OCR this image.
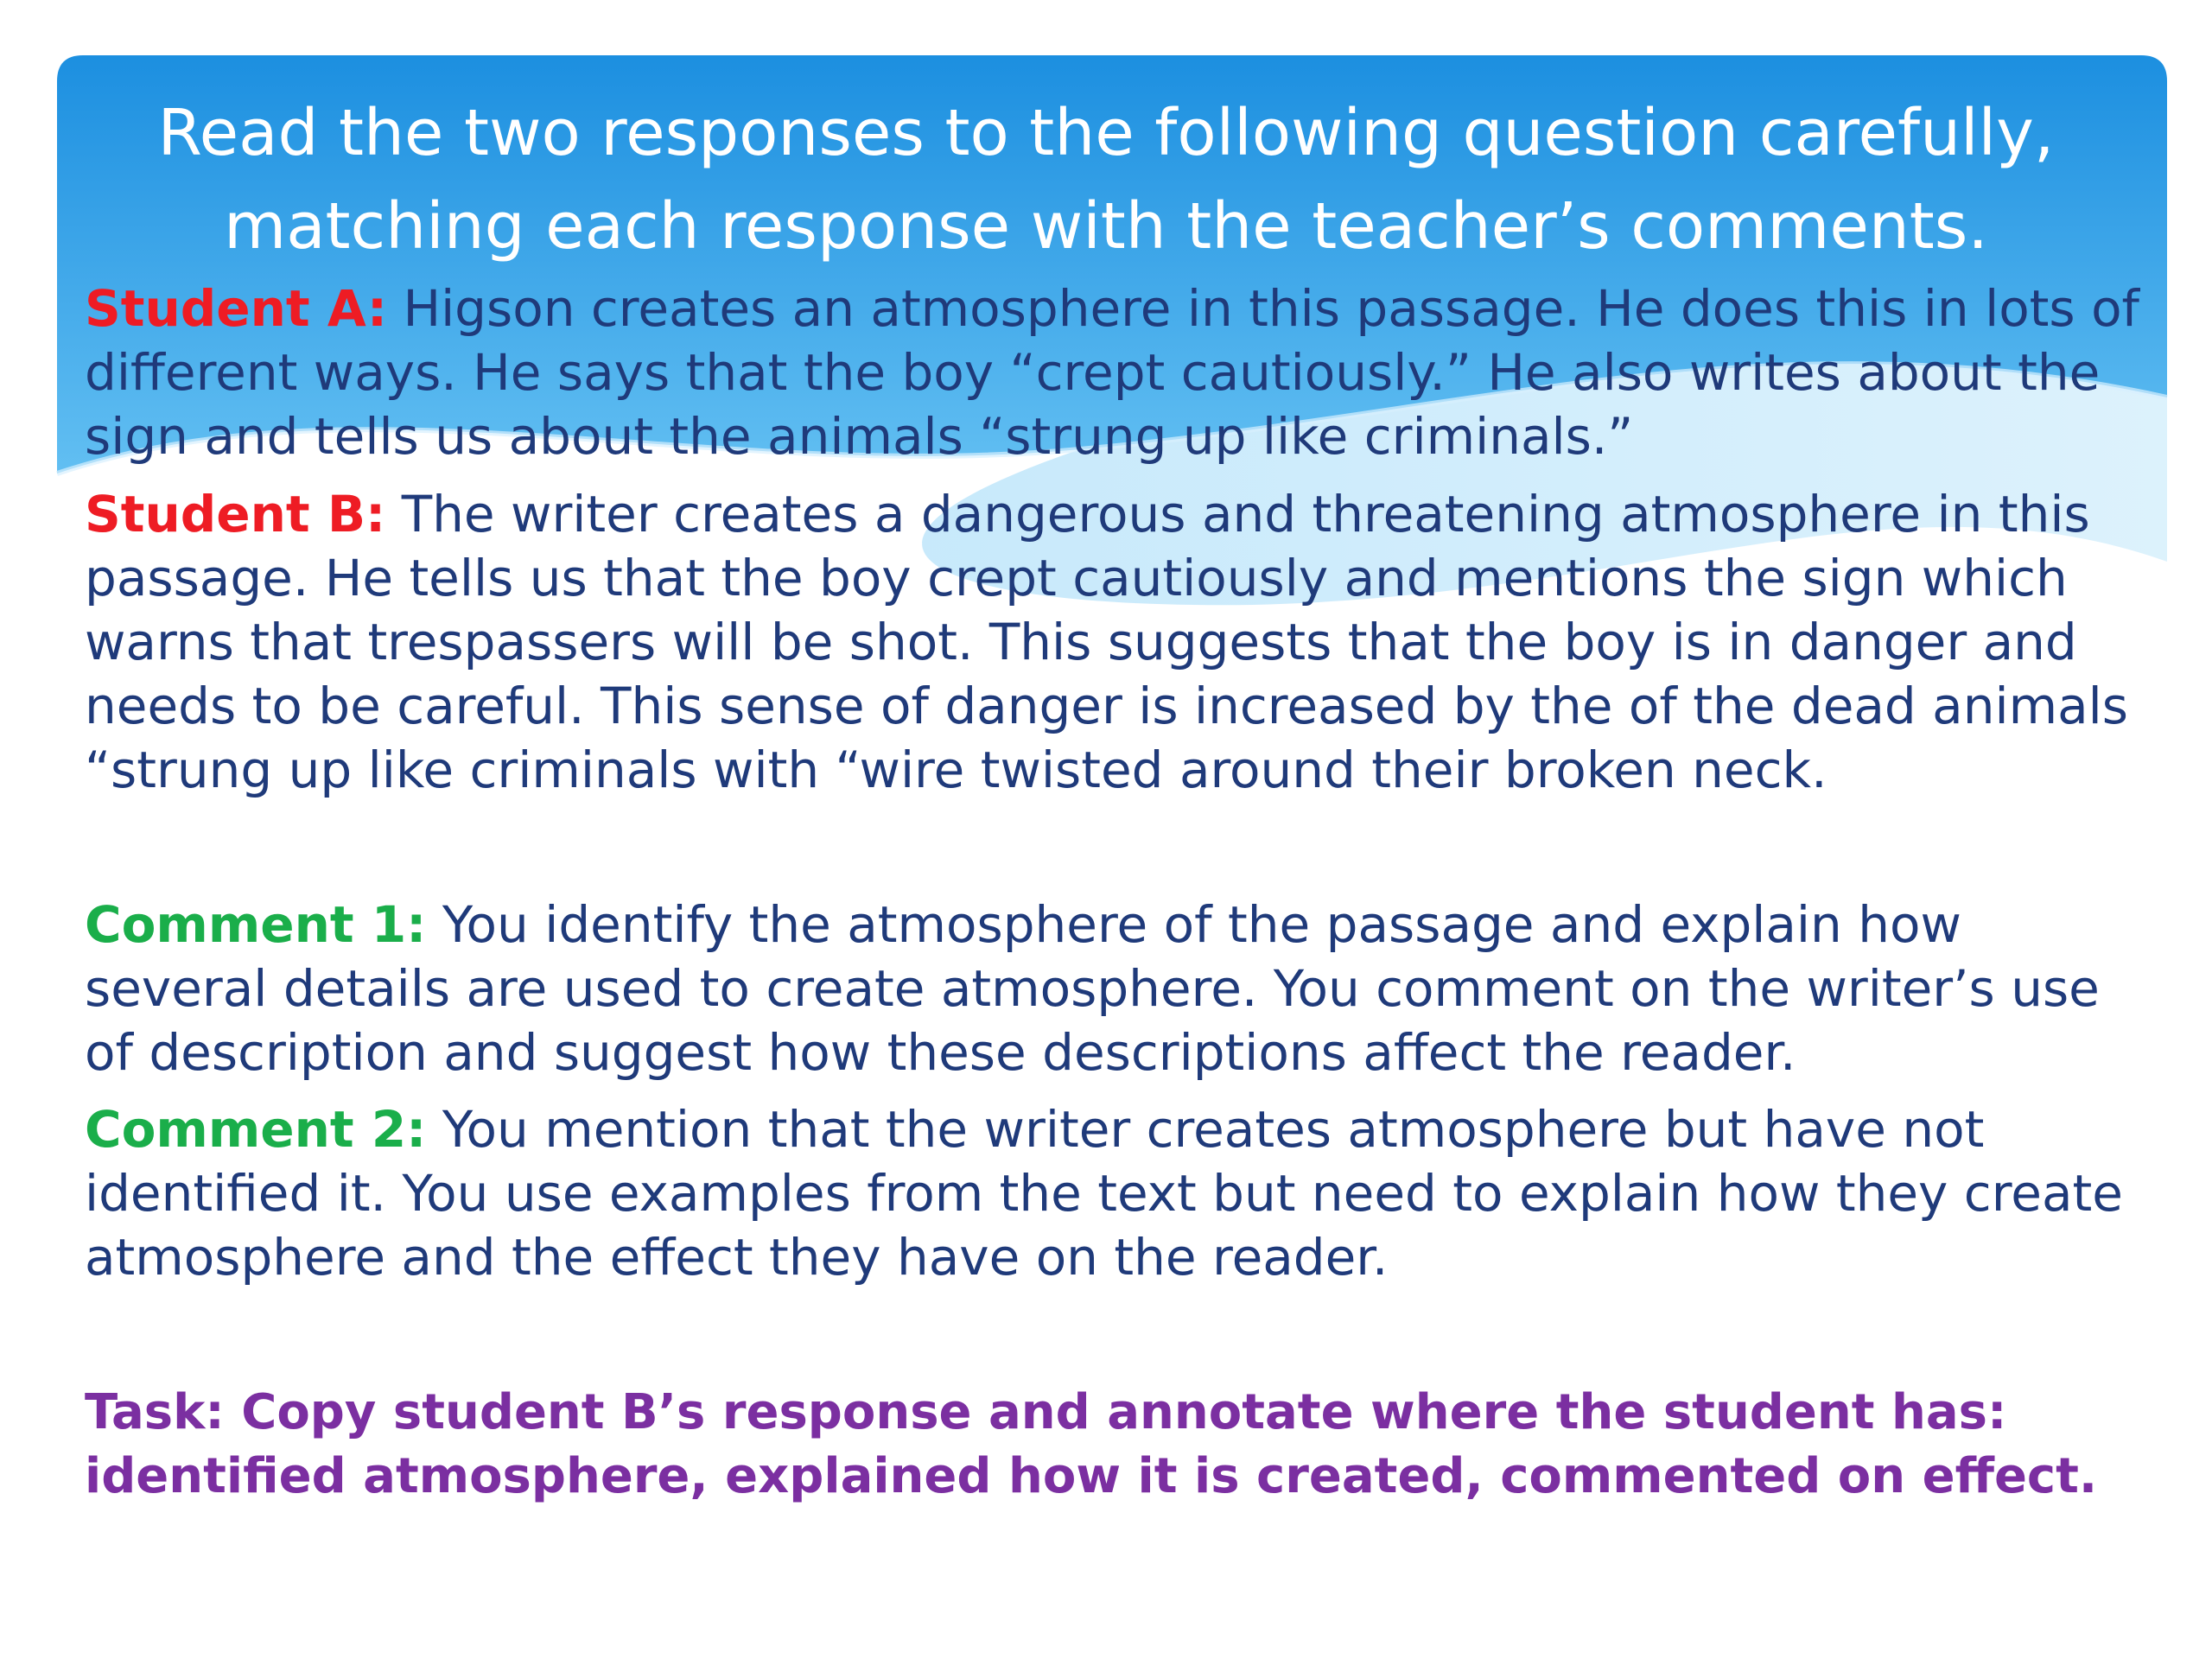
Read the two responses to the following question carefully, matching each response with the teacher’s comments.

Student A: Higson creates an atmosphere in this passage. He does this in lots of different ways. He says that the boy “crept cautiously.” He also writes about the sign and tells us about the animals “strung up like criminals.”

Student B: The writer creates a dangerous and threatening atmosphere in this passage. He tells us that the boy crept cautiously and mentions the sign which warns that trespassers will be shot. This suggests that the boy is in danger and needs to be careful. This sense of danger is increased by the of the dead animals “strung up like criminals with “wire twisted around their broken neck.

Comment 1: You identify the atmosphere of the passage and explain how several details are used to create atmosphere. You comment on the writer’s use of description and suggest how these descriptions affect the reader.

Comment 2: You mention that the writer creates atmosphere but have not identified it. You use examples from the text but need to explain how they create atmosphere and the effect they have on the reader.

Task: Copy student B’s response and annotate where the student has: identified atmosphere, explained how it is created, commented on effect.
